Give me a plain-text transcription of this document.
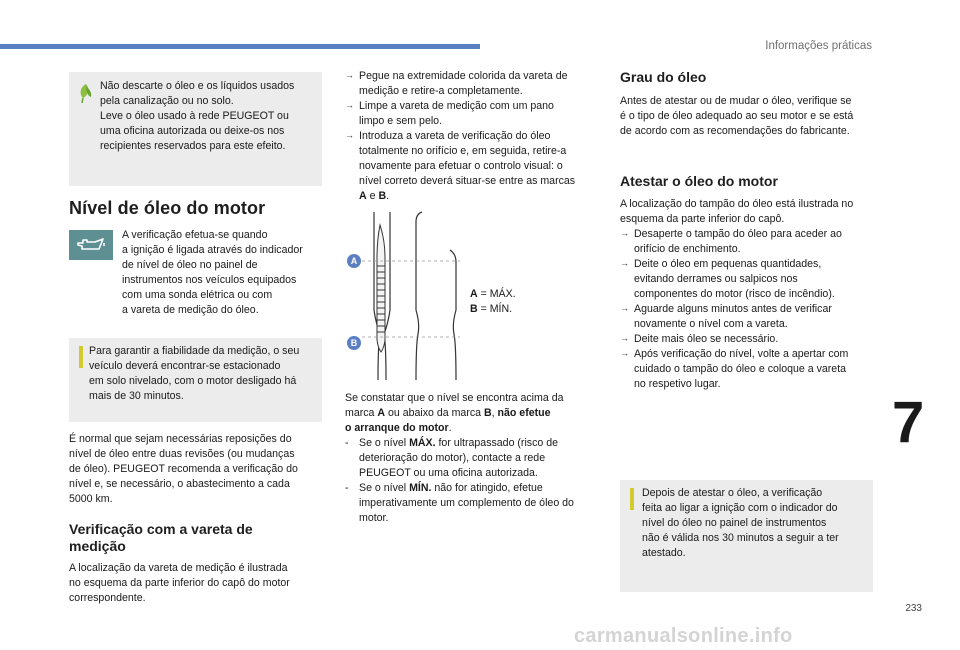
Informações práticas

Não descarte o óleo e os líquidos usados

pela canalização ou no solo.

Leve o óleo usado à rede PEUGEOT ou

uma oficina autorizada ou deixe-os nos

recipientes reservados para este efeito.

Nível de óleo do motor

A verificação efetua-se quando

a ignição é ligada através do indicador

de nível de óleo no painel de

instrumentos nos veículos equipados

com uma sonda elétrica ou com

a vareta de medição do óleo.

Para garantir a fiabilidade da medição, o seu

veículo deverá encontrar-se estacionado

em solo nivelado, com o motor desligado há

mais de 30 minutos.

É normal que sejam necessárias reposições do

nível de óleo entre duas revisões (ou mudanças

de óleo). PEUGEOT recomenda a verificação do

nível e, se necessário, o abastecimento a cada

5000 km.

Verificação com a vareta de

medição

A localização da vareta de medição é ilustrada

no esquema da parte inferior do capô do motor

correspondente.

→ Pegue na extremidade colorida da vareta de

medição e retire-a completamente.

→ Limpe a vareta de medição com um pano

limpo e sem pelo.

→ Introduza a vareta de verificação do óleo

totalmente no orifício e, em seguida, retire-a

novamente para efetuar o controlo visual: o

nível correto deverá situar-se entre as marcas

A e B.

A
B

A = MÁX.

B = MÍN.

Se constatar que o nível se encontra acima da

marca A ou abaixo da marca B, não efetue

o arranque do motor.

- Se o nível MÁX. for ultrapassado (risco de

deterioração do motor), contacte a rede

PEUGEOT ou uma oficina autorizada.

- Se o nível MÍN. não for atingido, efetue

imperativamente um complemento de óleo do

motor.

Grau do óleo

Antes de atestar ou de mudar o óleo, verifique se

é o tipo de óleo adequado ao seu motor e se está

de acordo com as recomendações do fabricante.

Atestar o óleo do motor

A localização do tampão do óleo está ilustrada no

esquema da parte inferior do capô.

→ Desaperte o tampão do óleo para aceder ao

orifício de enchimento.

→ Deite o óleo em pequenas quantidades,

evitando derrames ou salpicos nos

componentes do motor (risco de incêndio).

→ Aguarde alguns minutos antes de verificar

novamente o nível com a vareta.

→ Deite mais óleo se necessário.

→ Após verificação do nível, volte a apertar com

cuidado o tampão do óleo e coloque a vareta

no respetivo lugar.

Depois de atestar o óleo, a verificação

feita ao ligar a ignição com o indicador do

nível do óleo no painel de instrumentos

não é válida nos 30 minutos a seguir a ter

atestado.

7
233
carmanualsonline.info
